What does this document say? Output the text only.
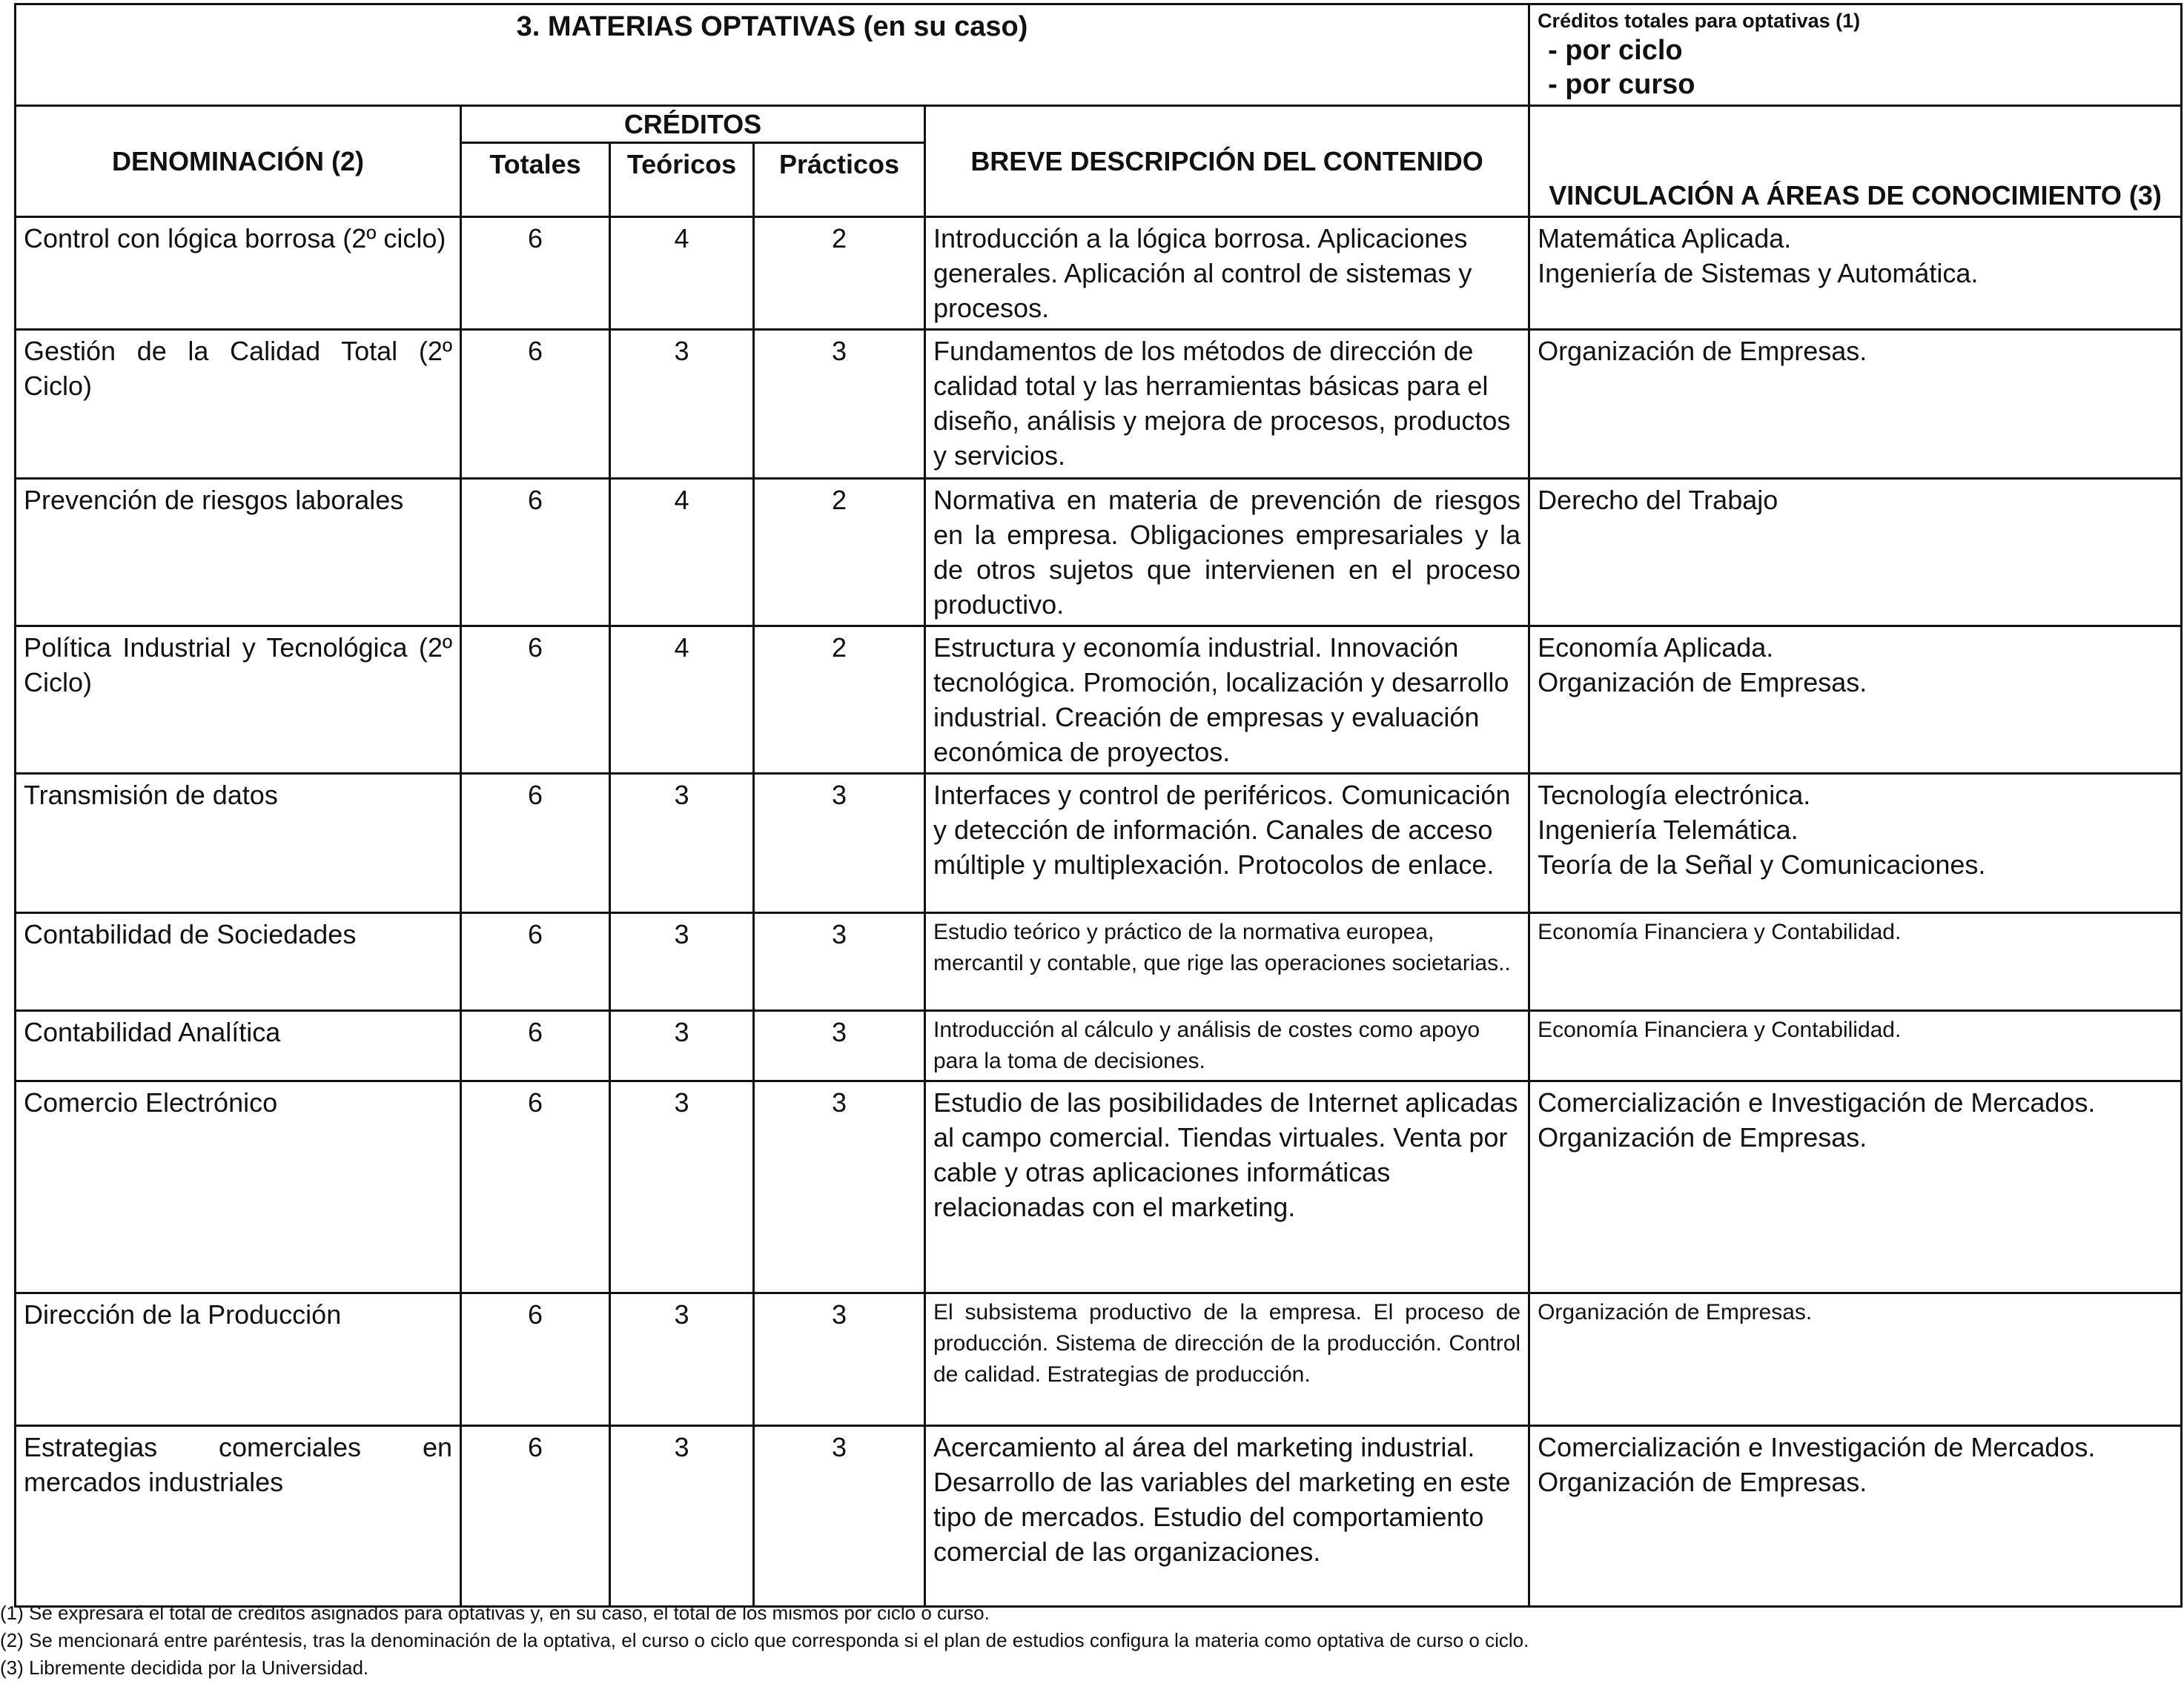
3. MATERIAS OPTATIVAS (en su caso)					Créditos totales para optativas (1)
- por ciclo
- por curso

DENOMINACIÓN (2)	CRÉDITOS			BREVE DESCRIPCIÓN DEL CONTENIDO	VINCULACIÓN A ÁREAS DE CONOCIMIENTO (3)
	Totales	Teóricos	Prácticos		
Control con lógica borrosa (2º ciclo)	6	4	2	Introducción a la lógica borrosa. Aplicaciones generales. Aplicación al control de sistemas y procesos.	Matemática Aplicada.
Ingeniería de Sistemas y Automática.
Gestión de la Calidad Total (2º Ciclo)	6	3	3	Fundamentos de los métodos de dirección de calidad total y las herramientas básicas para el diseño, análisis y mejora de procesos, productos y servicios.	Organización de Empresas.
Prevención de riesgos laborales	6	4	2	Normativa en materia de prevención de riesgos en la empresa. Obligaciones empresariales y la de otros sujetos que intervienen en el proceso productivo.	Derecho del Trabajo
Política Industrial y Tecnológica (2º Ciclo)	6	4	2	Estructura y economía industrial. Innovación tecnológica. Promoción, localización y desarrollo industrial. Creación de empresas y evaluación económica de proyectos.	Economía Aplicada.
Organización de Empresas.
Transmisión de datos	6	3	3	Interfaces y control de periféricos. Comunicación y detección de información. Canales de acceso múltiple y multiplexación. Protocolos de enlace.	Tecnología electrónica.
Ingeniería Telemática.
Teoría de la Señal y Comunicaciones.
Contabilidad de Sociedades	6	3	3	Estudio teórico y práctico de la normativa europea, mercantil y contable, que rige las operaciones societarias..	Economía Financiera y Contabilidad.
Contabilidad Analítica	6	3	3	Introducción al cálculo y análisis de costes como apoyo para la toma de decisiones.	Economía Financiera y Contabilidad.
Comercio Electrónico	6	3	3	Estudio de las posibilidades de Internet aplicadas al campo comercial. Tiendas virtuales. Venta por cable y otras aplicaciones informáticas relacionadas con el marketing.	Comercialización e Investigación de Mercados.
Organización de Empresas.
Dirección de la Producción	6	3	3	El subsistema productivo de la empresa. El proceso de producción. Sistema de dirección de la producción. Control de calidad. Estrategias de producción.	Organización de Empresas.
Estrategias comerciales en mercados industriales	6	3	3	Acercamiento al área del marketing industrial. Desarrollo de las variables del marketing en este tipo de mercados. Estudio del comportamiento comercial de las organizaciones.	Comercialización e Investigación de Mercados.
Organización de Empresas.
(1) Se expresará el total de créditos asignados para optativas y, en su caso, el total de los mismos por ciclo o curso.
(2) Se mencionará entre paréntesis, tras la denominación de la optativa, el curso o ciclo que corresponda si el plan de estudios configura la materia como optativa de curso o ciclo.
(3) Libremente decidida por la Universidad.
